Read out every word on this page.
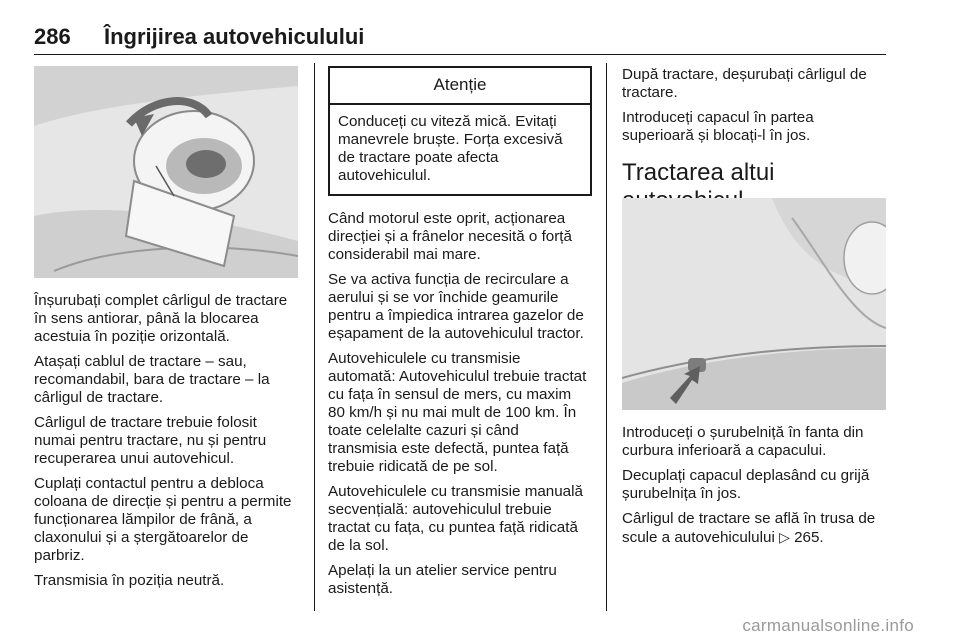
286 Îngrijirea autovehiculului

Înșurubați complet cârligul de tractare în sens antiorar, până la blocarea acestuia în poziție orizontală.

Atașați cablul de tractare – sau, recomandabil, bara de tractare – la cârligul de tractare.

Cârligul de tractare trebuie folosit numai pentru tractare, nu și pentru recuperarea unui autovehicul.

Cuplați contactul pentru a debloca coloana de direcție și pentru a permite funcționarea lămpilor de frână, a claxonului și a ștergătoarelor de parbriz.

Transmisia în poziția neutră.

Atenție
Conduceți cu viteză mică. Evitați manevrele bruște. Forța excesivă de tractare poate afecta autovehiculul.

Când motorul este oprit, acționarea direcției și a frânelor necesită o forță considerabil mai mare.

Se va activa funcția de recirculare a aerului și se vor închide geamurile pentru a împiedica intrarea gazelor de eșapament de la autovehiculul tractor.

Autovehiculele cu transmisie automată: Autovehiculul trebuie tractat cu fața în sensul de mers, cu maxim 80 km/h și nu mai mult de 100 km. În toate celelalte cazuri și când transmisia este defectă, puntea față trebuie ridicată de pe sol.

Autovehiculele cu transmisie manuală secvențială: autovehiculul trebuie tractat cu fața, cu puntea față ridicată de la sol.

Apelați la un atelier service pentru asistență.

După tractare, deșurubați cârligul de tractare.

Introduceți capacul în partea superioară și blocați-l în jos.

Tractarea altui

Introduceți o șurubelniță în fanta din curbura inferioară a capacului.

Decuplați capacul deplasând cu grijă șurubelnița în jos.

Cârligul de tractare se află în trusa de scule a autovehiculului ▷ 265.

carmanualsonline.info
